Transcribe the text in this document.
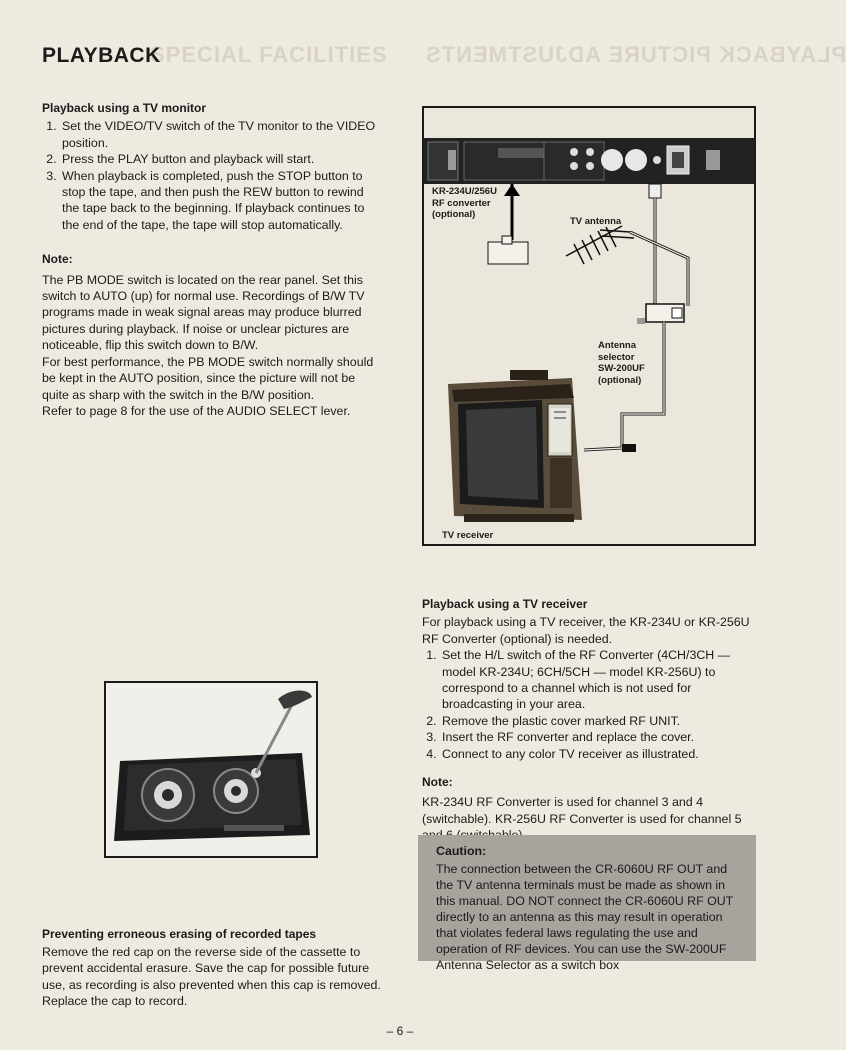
SPECIAL FACILITIES PLAYBACK PICTURE ADJUSTMENTS
PLAYBACK
Playback using a TV monitor
1. Set the VIDEO/TV switch of the TV monitor to the VIDEO position.
2. Press the PLAY button and playback will start.
3. When playback is completed, push the STOP button to stop the tape, and then push the REW button to rewind the tape back to the beginning. If playback continues to the end of the tape, the tape will stop automatically.
Note:

The PB MODE switch is located on the rear panel. Set this switch to AUTO (up) for normal use. Recordings of B/W TV programs made in weak signal areas may produce blurred pictures during playback. If noise or unclear pictures are noticeable, flip this switch down to B/W.

For best performance, the PB MODE switch normally should be kept in the AUTO position, since the picture will not be quite as sharp with the switch in the B/W position.

Refer to page 8 for the use of the AUDIO SELECT lever.

KR-234U/256U
RF converter
(optional)
TV antenna
Antenna
selector
SW-200UF
(optional)
TV receiver
Playback using a TV receiver

For playback using a TV receiver, the KR-234U or KR-256U RF Converter (optional) is needed.

1. Set the H/L switch of the RF Converter (4CH/3CH — model KR-234U; 6CH/5CH — model KR-256U) to correspond to a channel which is not used for broadcasting in your area.
2. Remove the plastic cover marked RF UNIT.
3. Insert the RF converter and replace the cover.
4. Connect to any color TV receiver as illustrated.
Note:

KR-234U RF Converter is used for channel 3 and 4 (switchable). KR-256U RF Converter is used for channel 5

Caution:
The connection between the CR-6060U RF OUT and the TV antenna terminals must be made as shown in this manual. DO NOT connect the CR-6060U RF OUT directly to an antenna as this may result in operation that violates federal laws regulating the use and operation of RF devices. You can use the SW-200UF Antenna Selector as a switch box
Preventing erroneous erasing of recorded tapes

Remove the red cap on the reverse side of the cassette to prevent accidental erasure. Save the cap for possible future use, as recording is also prevented when this cap is removed. Replace the cap to record.

– 6 –
